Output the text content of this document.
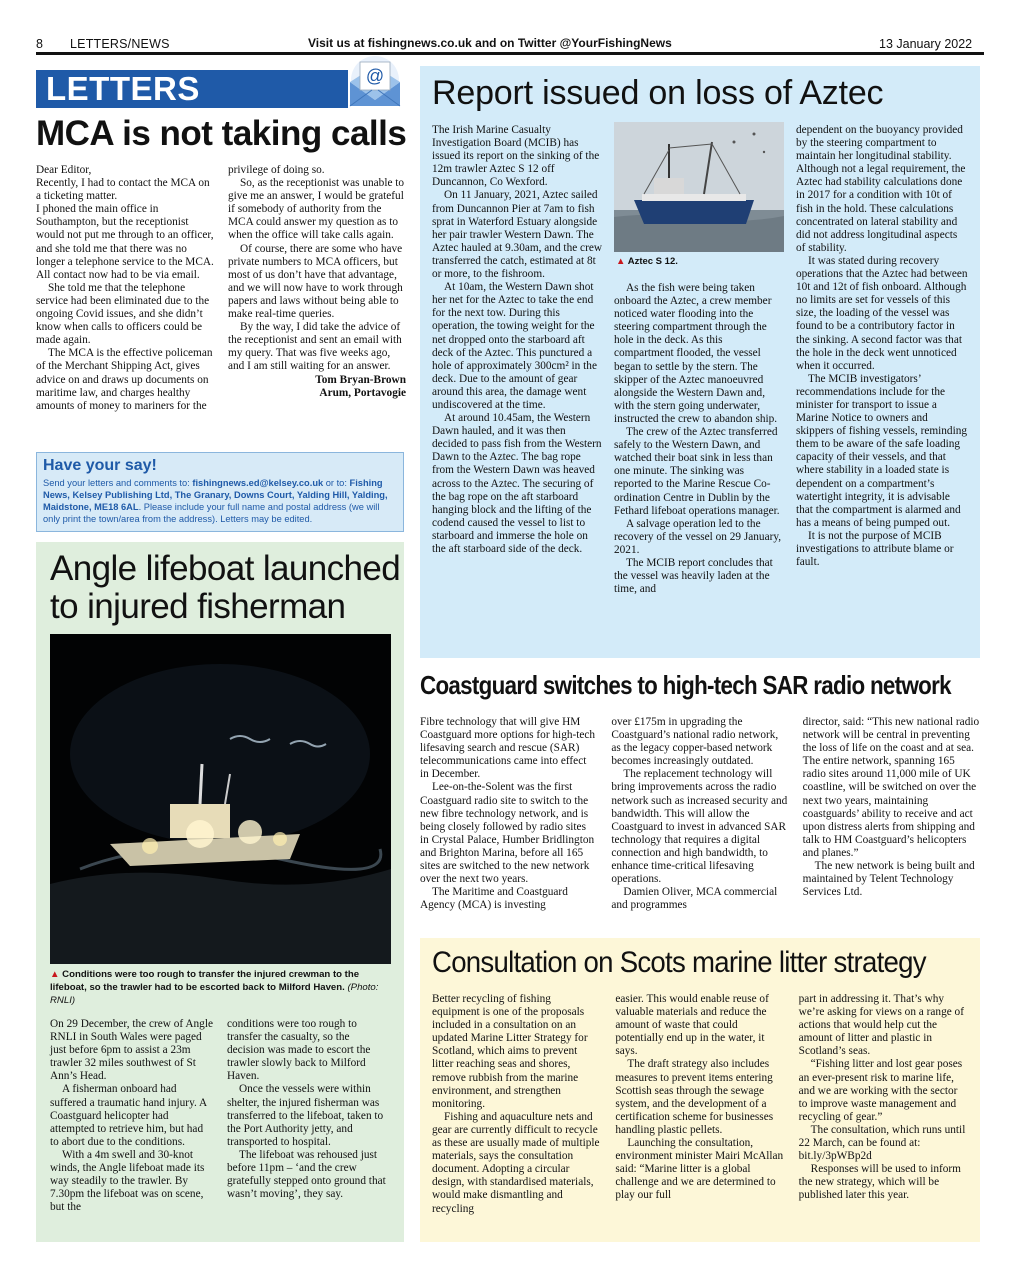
8 LETTERS/NEWS	Visit us at fishingnews.co.uk and on Twitter @YourFishingNews	13 January 2022
LETTERS	@
MCA is not taking calls

Dear Editor,

Recently, I had to contact the MCA on a ticketing matter.

I phoned the main office in Southampton, but the receptionist would not put me through to an officer, and she told me that there was no longer a telephone service to the MCA. All contact now had to be via email.

She told me that the telephone service had been eliminated due to the ongoing Covid issues, and she didn’t know when calls to officers could be made again.

The MCA is the effective policeman of the Merchant Shipping Act, gives advice on and draws up documents on maritime law, and charges healthy amounts of money to mariners for the

privilege of doing so.

So, as the receptionist was unable to give me an answer, I would be grateful if somebody of authority from the MCA could answer my question as to when the office will take calls again.

Of course, there are some who have private numbers to MCA officers, but most of us don’t have that advantage, and we will now have to work through papers and laws without being able to make real-time queries.

By the way, I did take the advice of the receptionist and sent an email with my query. That was five weeks ago, and I am still waiting for an answer.

Tom Bryan-Brown

Arum, Portavogie

Have your say!
Send your letters and comments to: fishingnews.ed@kelsey.co.uk or to: Fishing News, Kelsey Publishing Ltd, The Granary, Downs Court, Yalding Hill, Yalding, Maidstone, ME18 6AL. Please include your full name and postal address (we will only print the town/area from the address). Letters may be edited.
Report issued on loss of Aztec

The Irish Marine Casualty Investigation Board (MCIB) has issued its report on the sinking of the 12m trawler Aztec S 12 off Duncannon, Co Wexford.

On 11 January, 2021, Aztec sailed from Duncannon Pier at 7am to fish sprat in Waterford Estuary alongside her pair trawler Western Dawn. The Aztec hauled at 9.30am, and the crew transferred the catch, estimated at 8t or more, to the fishroom.

At 10am, the Western Dawn shot her net for the Aztec to take the end for the next tow. During this operation, the towing weight for the net dropped onto the starboard aft deck of the Aztec. This punctured a hole of approximately 300cm² in the deck. Due to the amount of gear around this area, the damage went undiscovered at the time.

At around 10.45am, the Western Dawn hauled, and it was then decided to pass fish from the Western Dawn to the Aztec. The bag rope from the Western Dawn was heaved across to the Aztec. The securing of the bag rope on the aft starboard hanging block and the lifting of the codend caused the vessel to list to starboard and immerse the hole on the aft starboard side of the deck.

▲ Aztec S 12.

As the fish were being taken onboard the Aztec, a crew member noticed water flooding into the steering compartment through the hole in the deck. As this compartment flooded, the vessel began to settle by the stern. The skipper of the Aztec manoeuvred alongside the Western Dawn and, with the stern going underwater, instructed the crew to abandon ship.

The crew of the Aztec transferred safely to the Western Dawn, and watched their boat sink in less than one minute. The sinking was reported to the Marine Rescue Co-ordination Centre in Dublin by the Fethard lifeboat operations manager.

A salvage operation led to the recovery of the vessel on 29 January, 2021.

The MCIB report concludes that the vessel was heavily laden at the time, and

dependent on the buoyancy provided by the steering compartment to maintain her longitudinal stability. Although not a legal requirement, the Aztec had stability calculations done in 2017 for a condition with 10t of fish in the hold. These calculations concentrated on lateral stability and did not address longitudinal aspects of stability.

It was stated during recovery operations that the Aztec had between 10t and 12t of fish onboard. Although no limits are set for vessels of this size, the loading of the vessel was found to be a contributory factor in the sinking. A second factor was that the hole in the deck went unnoticed when it occurred.

The MCIB investigators’ recommendations include for the minister for transport to issue a Marine Notice to owners and skippers of fishing vessels, reminding them to be aware of the safe loading capacity of their vessels, and that where stability in a loaded state is dependent on a compartment’s watertight integrity, it is advisable that the compartment is alarmed and has a means of being pumped out.

It is not the purpose of MCIB investigations to attribute blame or fault.

Coastguard switches to high-tech SAR radio network

Fibre technology that will give HM Coastguard more options for high-tech lifesaving search and rescue (SAR) telecommunications came into effect in December.

Lee-on-the-Solent was the first Coastguard radio site to switch to the new fibre technology network, and is being closely followed by radio sites in Crystal Palace, Humber Bridlington and Brighton Marina, before all 165 sites are switched to the new network over the next two years.

The Maritime and Coastguard Agency (MCA) is investing

over £175m in upgrading the Coastguard’s national radio network, as the legacy copper-based network becomes increasingly outdated.

The replacement technology will bring improvements across the radio network such as increased security and bandwidth. This will allow the Coastguard to invest in advanced SAR technology that requires a digital connection and high bandwidth, to enhance time-critical lifesaving operations.

Damien Oliver, MCA commercial and programmes

director, said: “This new national radio network will be central in preventing the loss of life on the coast and at sea. The entire network, spanning 165 radio sites around 11,000 mile of UK coastline, will be switched on over the next two years, maintaining coastguards’ ability to receive and act upon distress alerts from shipping and talk to HM Coastguard’s helicopters and planes.”

The new network is being built and maintained by Telent Technology Services Ltd.

Angle lifeboat launched
to injured fisherman
▲ Conditions were too rough to transfer the injured crewman to the lifeboat, so the trawler had to be escorted back to Milford Haven. (Photo: RNLI)

On 29 December, the crew of Angle RNLI in South Wales were paged just before 6pm to assist a 23m trawler 32 miles southwest of St Ann’s Head.

A fisherman onboard had suffered a traumatic hand injury. A Coastguard helicopter had attempted to retrieve him, but had to abort due to the conditions.

With a 4m swell and 30-knot winds, the Angle lifeboat made its way steadily to the trawler. By 7.30pm the lifeboat was on scene, but the

conditions were too rough to transfer the casualty, so the decision was made to escort the trawler slowly back to Milford Haven.

Once the vessels were within shelter, the injured fisherman was transferred to the lifeboat, taken to the Port Authority jetty, and transported to hospital.

The lifeboat was rehoused just before 11pm – ‘and the crew gratefully stepped onto ground that wasn’t moving’, they say.

Consultation on Scots marine litter strategy

Better recycling of fishing equipment is one of the proposals included in a consultation on an updated Marine Litter Strategy for Scotland, which aims to prevent litter reaching seas and shores, remove rubbish from the marine environment, and strengthen monitoring.

Fishing and aquaculture nets and gear are currently difficult to recycle as these are usually made of multiple materials, says the consultation document. Adopting a circular design, with standardised materials, would make dismantling and recycling

easier. This would enable reuse of valuable materials and reduce the amount of waste that could potentially end up in the water, it says.

The draft strategy also includes measures to prevent items entering Scottish seas through the sewage system, and the development of a certification scheme for businesses handling plastic pellets.

Launching the consultation, environment minister Mairi McAllan said: “Marine litter is a global challenge and we are determined to play our full

part in addressing it. That’s why we’re asking for views on a range of actions that would help cut the amount of litter and plastic in Scotland’s seas.

“Fishing litter and lost gear poses an ever-present risk to marine life, and we are working with the sector to improve waste management and recycling of gear.”

The consultation, which runs until 22 March, can be found at: bit.ly/3pWBp2d

Responses will be used to inform the new strategy, which will be published later this year.
